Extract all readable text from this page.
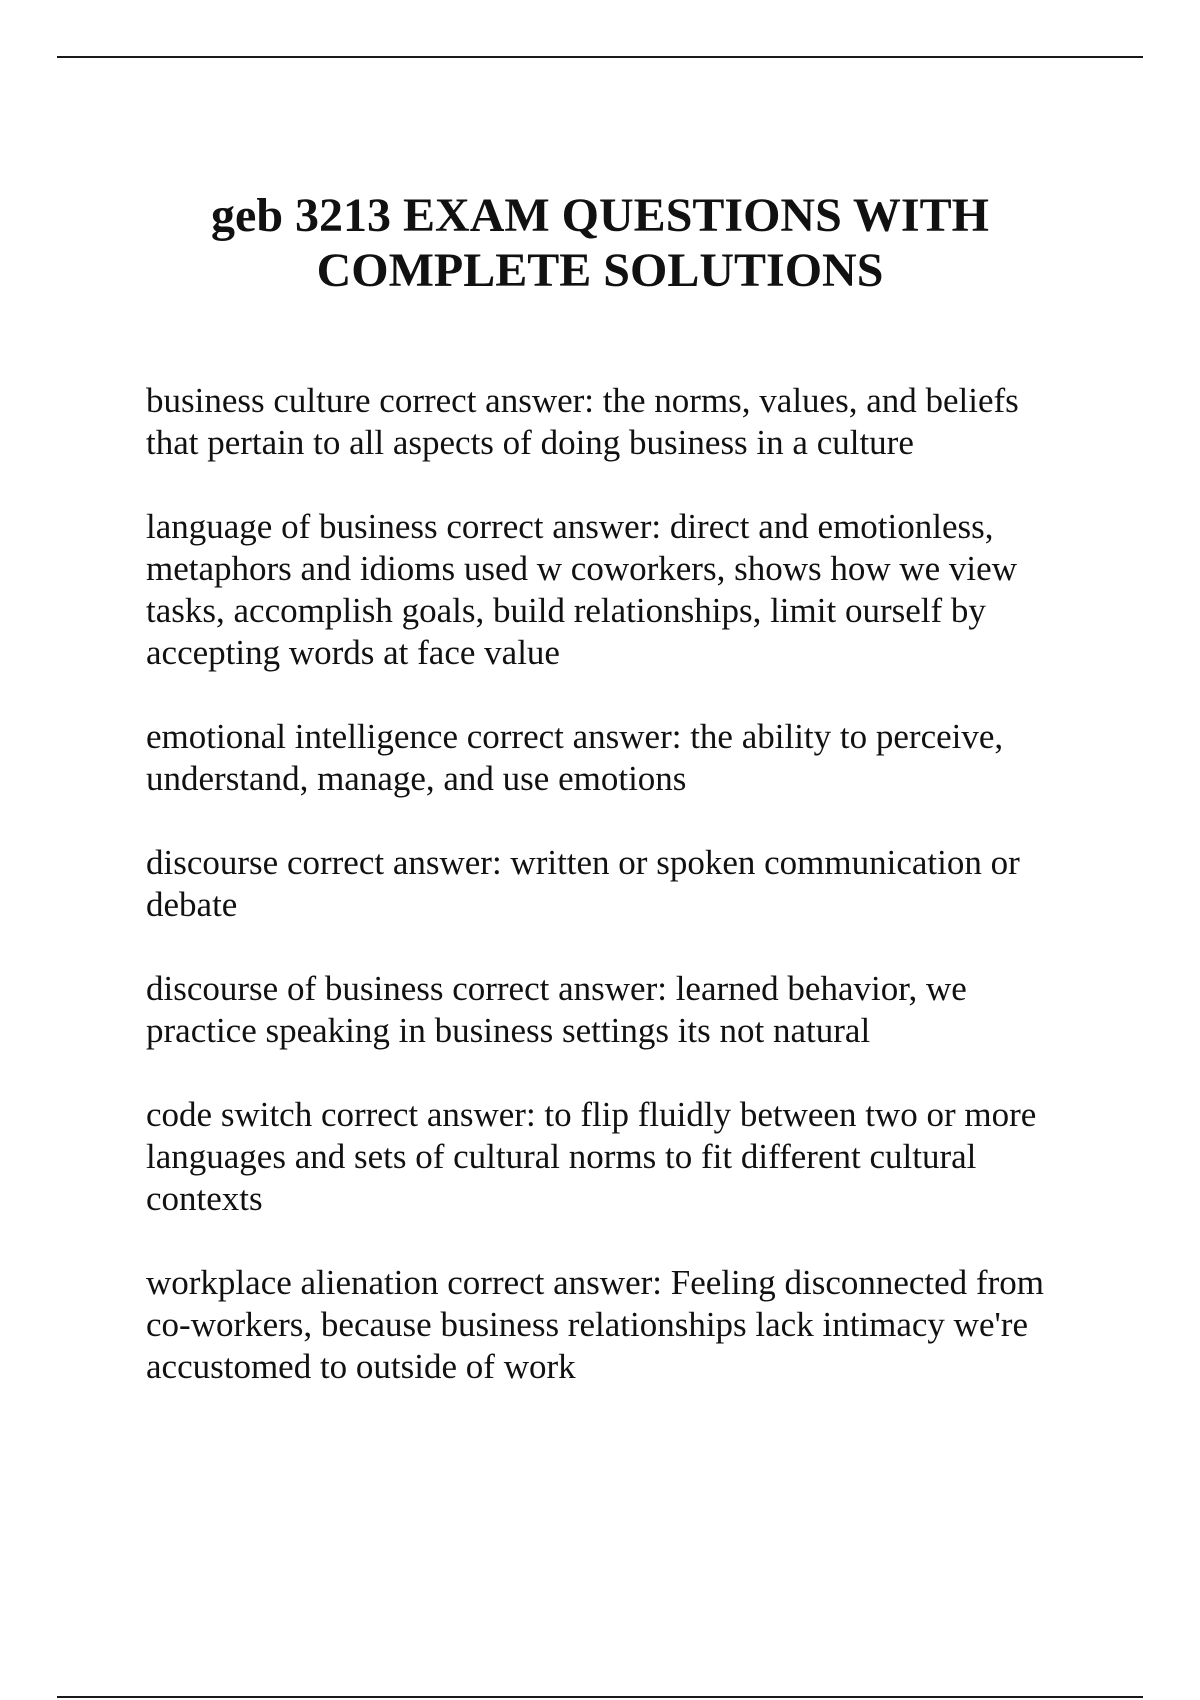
geb 3213 EXAM QUESTIONS WITH
COMPLETE SOLUTIONS

business culture correct answer: the norms, values, and beliefs
that pertain to all aspects of doing business in a culture

language of business correct answer: direct and emotionless,
metaphors and idioms used w coworkers, shows how we view
tasks, accomplish goals, build relationships, limit ourself by
accepting words at face value

emotional intelligence correct answer: the ability to perceive,
understand, manage, and use emotions

discourse correct answer: written or spoken communication or
debate

discourse of business correct answer: learned behavior, we
practice speaking in business settings its not natural

code switch correct answer: to flip fluidly between two or more
languages and sets of cultural norms to fit different cultural
contexts

workplace alienation correct answer: Feeling disconnected from
co-workers, because business relationships lack intimacy we're
accustomed to outside of work
